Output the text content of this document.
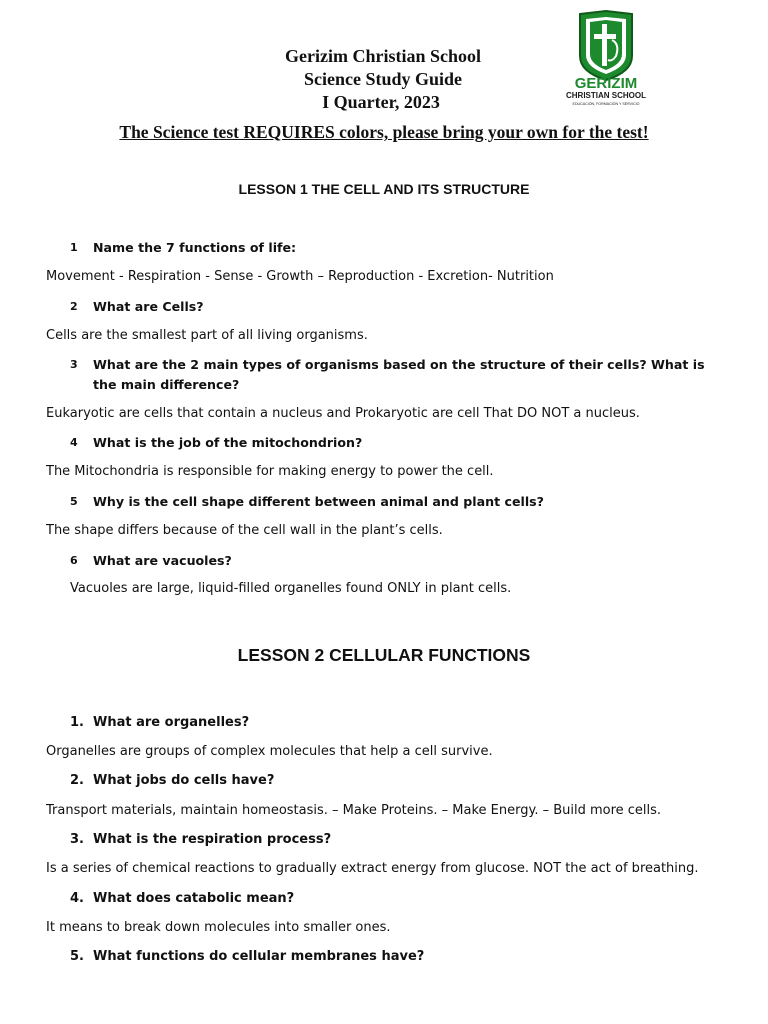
Gerizim Christian School
Science Study Guide
I Quarter, 2023
The Science test REQUIRES colors, please bring your own for the test!
GERIZIM
CHRISTIAN SCHOOL
EDUCACIÓN, FORMACIÓN Y SERVICIO
LESSON 1 THE CELL AND ITS STRUCTURE
1 Name the 7 functions of life:
Movement - Respiration - Sense - Growth – Reproduction - Excretion- Nutrition
2 What are Cells?
Cells are the smallest part of all living organisms.
3 What are the 2 main types of organisms based on the structure of their cells? What is the main difference?
Eukaryotic are cells that contain a nucleus and Prokaryotic are cell That DO NOT a nucleus.
4 What is the job of the mitochondrion?
The Mitochondria is responsible for making energy to power the cell.
5 Why is the cell shape different between animal and plant cells?
The shape differs because of the cell wall in the plant’s cells.
6 What are vacuoles?
Vacuoles are large, liquid-filled organelles found ONLY in plant cells.
LESSON 2 CELLULAR FUNCTIONS
1. What are organelles?
Organelles are groups of complex molecules that help a cell survive.
2. What jobs do cells have?
Transport materials, maintain homeostasis. – Make Proteins. – Make Energy. – Build more cells.
3. What is the respiration process?
Is a series of chemical reactions to gradually extract energy from glucose. NOT the act of breathing.
4. What does catabolic mean?
It means to break down molecules into smaller ones.
5. What functions do cellular membranes have?
